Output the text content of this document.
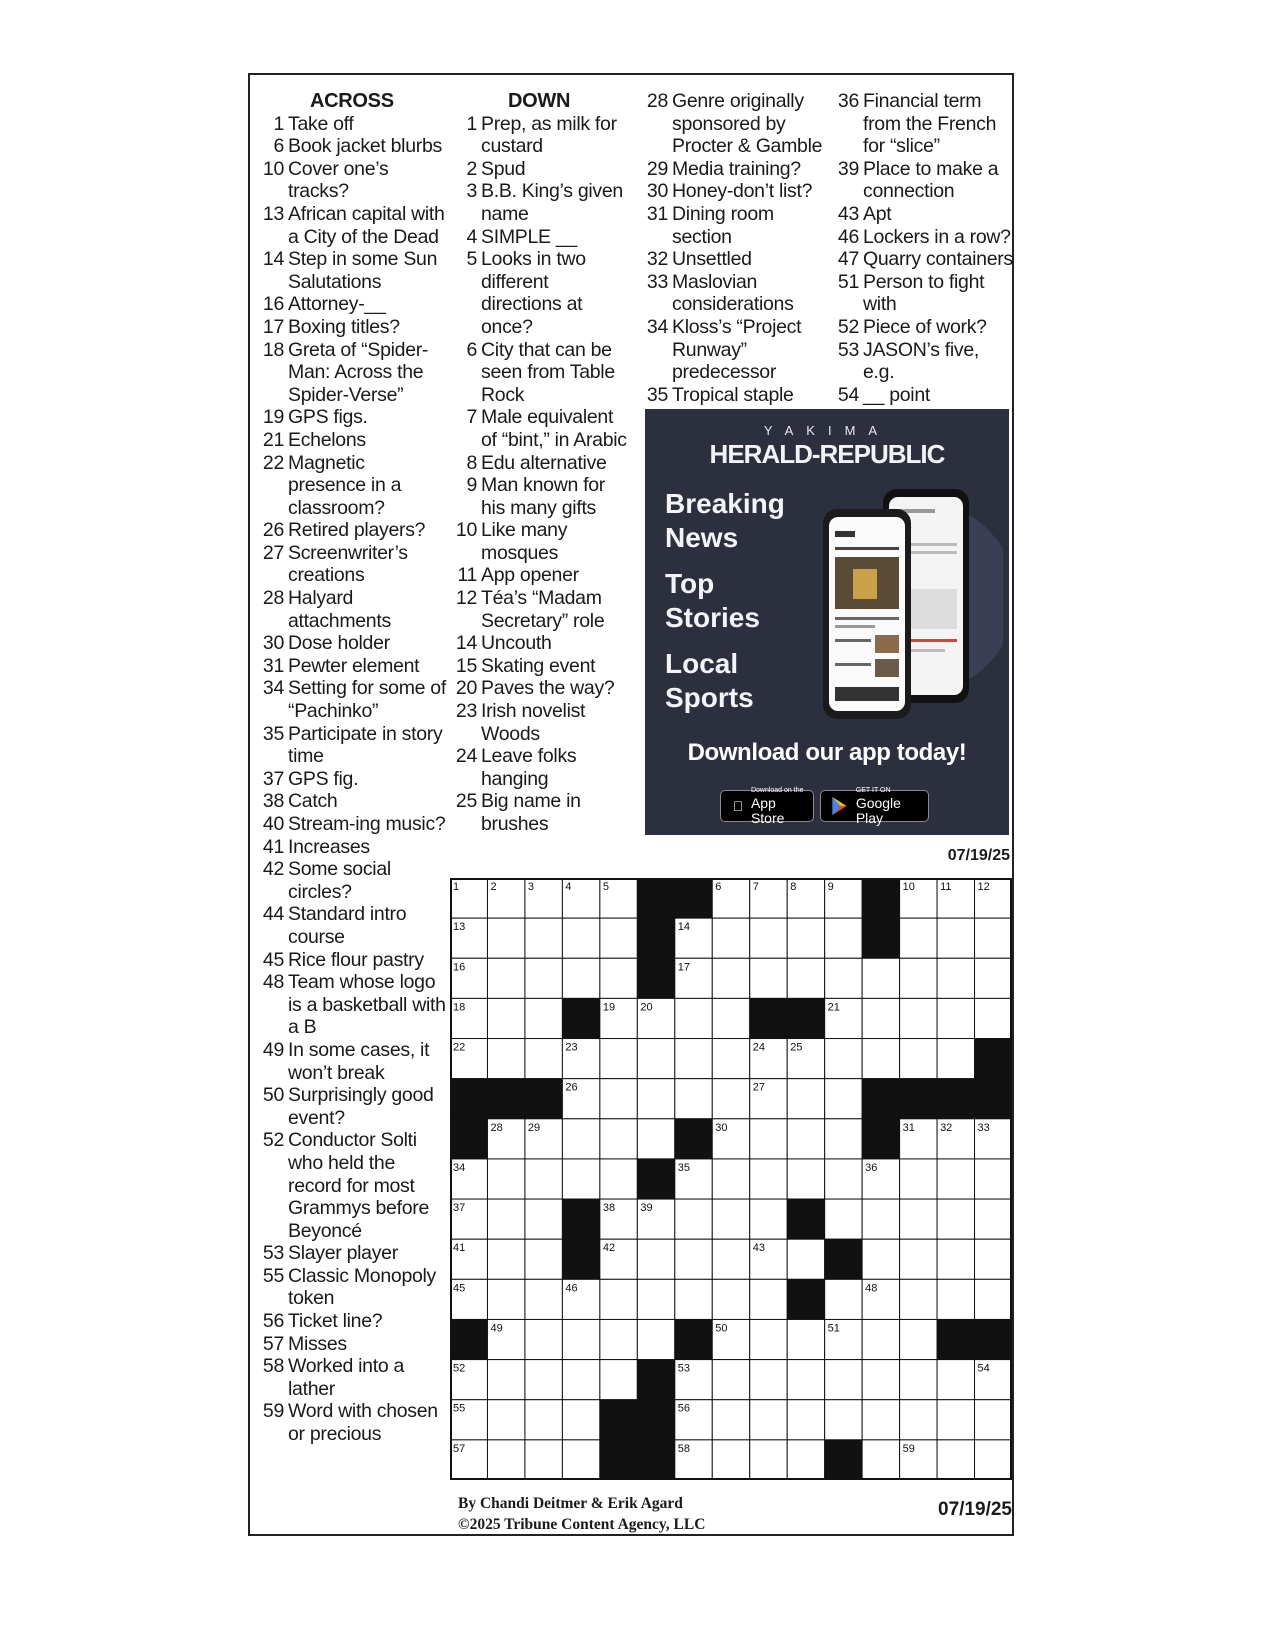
ACROSS
1 Take off
6 Book jacket blurbs
10 Cover one’s tracks?
13 African capital with a City of the Dead
14 Step in some Sun Salutations
16 Attorney-__
17 Boxing titles?
18 Greta of “Spider-Man: Across the Spider-Verse”
19 GPS figs.
21 Echelons
22 Magnetic presence in a classroom?
26 Retired players?
27 Screenwriter’s creations
28 Halyard attachments
30 Dose holder
31 Pewter element
34 Setting for some of “Pachinko”
35 Participate in story time
37 GPS fig.
38 Catch
40 Stream-ing music?
41 Increases
42 Some social circles?
44 Standard intro course
45 Rice flour pastry
48 Team whose logo is a basketball with a B
49 In some cases, it won’t break
50 Surprisingly good event?
52 Conductor Solti who held the record for most Grammys before Beyoncé
53 Slayer player
55 Classic Monopoly token
56 Ticket line?
57 Misses
58 Worked into a lather
59 Word with chosen or precious
DOWN
1 Prep, as milk for custard
2 Spud
3 B.B. King’s given name
4 SIMPLE __
5 Looks in two different directions at once?
6 City that can be seen from Table Rock
7 Male equivalent of “bint,” in Arabic
8 Edu alternative
9 Man known for his many gifts
10 Like many mosques
11 App opener
12 Téa’s “Madam Secretary” role
14 Uncouth
15 Skating event
20 Paves the way?
23 Irish novelist Woods
24 Leave folks hanging
25 Big name in brushes
28 Genre originally sponsored by Procter & Gamble
29 Media training?
30 Honey-don’t list?
31 Dining room section
32 Unsettled
33 Maslovian considerations
34 Kloss’s “Project Runway” predecessor
35 Tropical staple
36 Financial term from the French for “slice”
39 Place to make a connection
43 Apt
46 Lockers in a row?
47 Quarry containers
51 Person to fight with
52 Piece of work?
53 JASON’s five, e.g.
54 __ point
YAKIMA
HERALD-REPUBLIC
Breaking News
Top Stories
Local Sports
Download our app today!
Download on the
App Store
GET IT ON
Google Play
07/19/25
1	2	3	4	5	6	7	8	9	10 11 12
13	14
16	17
18	19 20	21
22	23	24 25
26	27
28 29	30	31 32 33
34	35	36
37	38 39
41	42	43
45	46	48
49	50	51
52	53	54
55	56
57	58	59
By Chandi Deitmer & Erik Agard
©2025 Tribune Content Agency, LLC
07/19/25
